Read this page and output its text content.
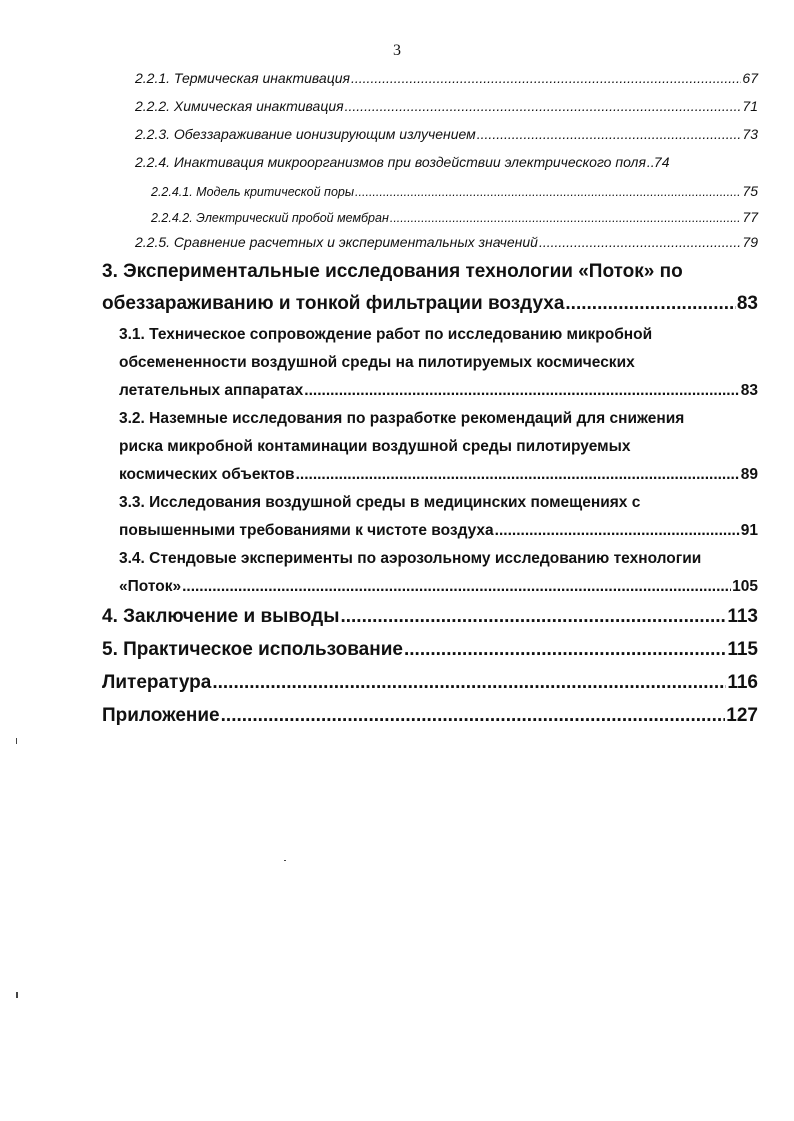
3
2.2.1. Термическая инактивация .....	67
2.2.2. Химическая инактивация .....	71
2.2.3. Обеззараживание ионизирующим излучением .....	73
2.2.4. Инактивация микроорганизмов при воздействии электрического поля ..... 74
2.2.4.1. Модель критической поры .....	75
2.2.4.2. Электрический пробой мембран .....	77
2.2.5. Сравнение расчетных и экспериментальных значений .....	79
3. Экспериментальные исследования технологии «Поток» по
обеззараживанию и тонкой фильтрации воздуха .....	83
3.1. Техническое сопровождение работ по исследованию микробной
обсемененности воздушной среды на пилотируемых космических
летательных аппаратах .....	83
3.2. Наземные исследования по разработке рекомендаций для снижения
риска микробной контаминации воздушной среды пилотируемых
космических объектов .....	89
3.3. Исследования воздушной среды в медицинских помещениях с
повышенными требованиями к чистоте воздуха .....	91
3.4. Стендовые эксперименты по аэрозольному исследованию технологии
«Поток» .....	105
4. Заключение и выводы .....	113
5. Практическое использование .....	115
Литература .....	116
Приложение .....	127
